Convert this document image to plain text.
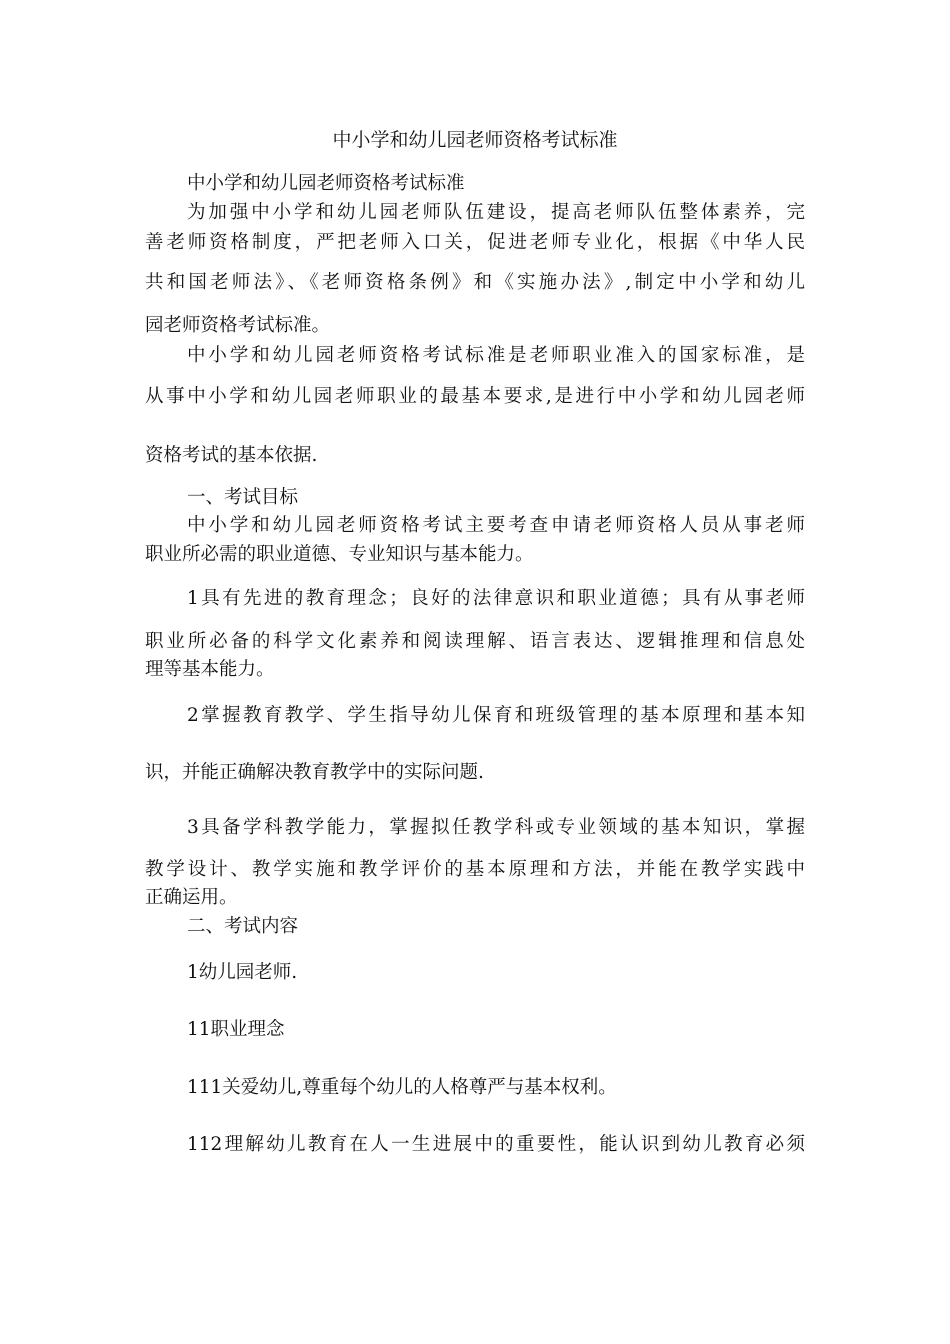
中小学和幼儿园老师资格考试标准
中小学和幼儿园老师资格考试标准
为加强中小学和幼儿园老师队伍建设，提高老师队伍整体素养，完
善老师资格制度，严把老师入口关，促进老师专业化，根据《中华人民
共和国老师法》、《老师资格条例》和《实施办法》,制定中小学和幼儿
园老师资格考试标准。
中小学和幼儿园老师资格考试标准是老师职业准入的国家标准，是
从事中小学和幼儿园老师职业的最基本要求,是进行中小学和幼儿园老师
资格考试的基本依据.
一、考试目标
中小学和幼儿园老师资格考试主要考查申请老师资格人员从事老师
职业所必需的职业道德、专业知识与基本能力。
1具有先进的教育理念；良好的法律意识和职业道德；具有从事老师
职业所必备的科学文化素养和阅读理解、语言表达、逻辑推理和信息处
理等基本能力。
2掌握教育教学、学生指导幼儿保育和班级管理的基本原理和基本知
识，并能正确解决教育教学中的实际问题.
3具备学科教学能力，掌握拟任教学科或专业领域的基本知识，掌握
教学设计、教学实施和教学评价的基本原理和方法，并能在教学实践中
正确运用。
二、考试内容
1幼儿园老师.
11职业理念
111关爱幼儿,尊重每个幼儿的人格尊严与基本权利。
112理解幼儿教育在人一生进展中的重要性，能认识到幼儿教育必须
